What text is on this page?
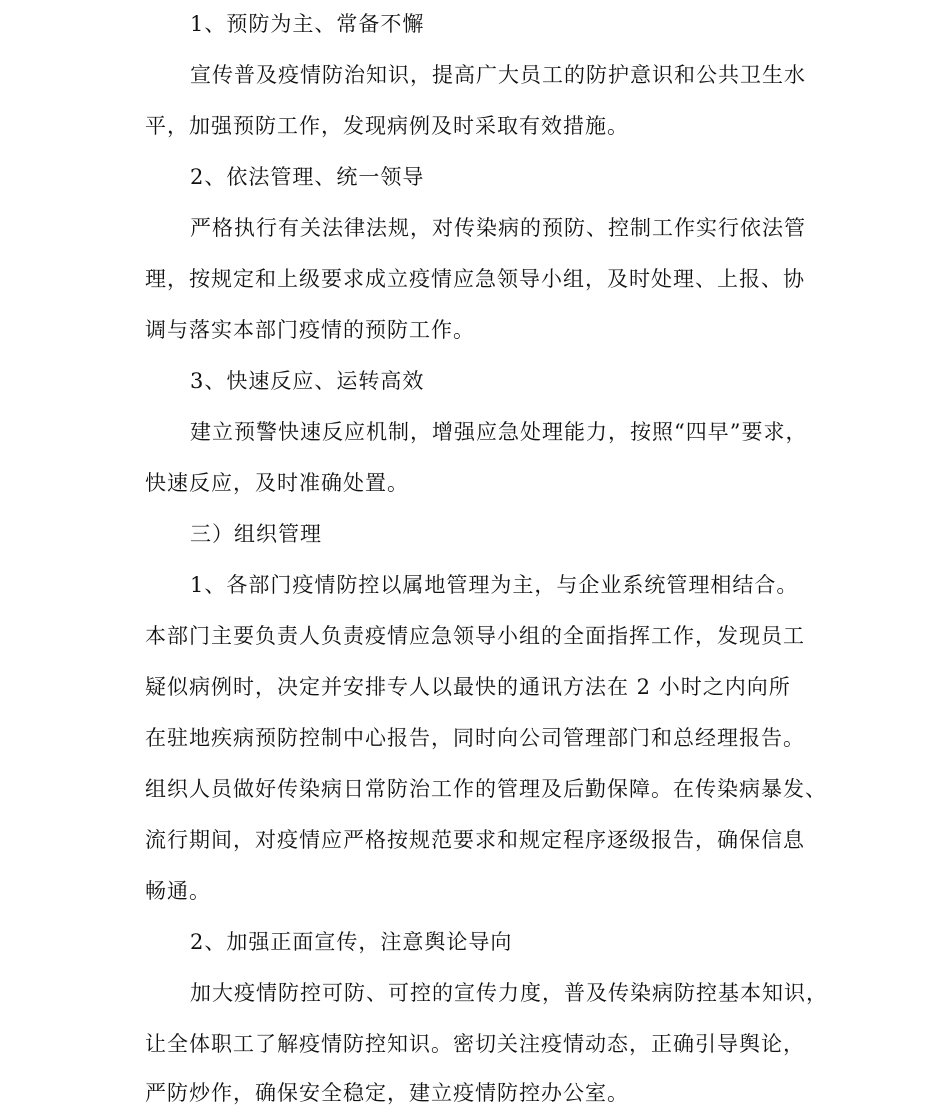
1、预防为主、常备不懈

宣传普及疫情防治知识，提高广大员工的防护意识和公共卫生水

平，加强预防工作，发现病例及时采取有效措施。

2、依法管理、统一领导

严格执行有关法律法规，对传染病的预防、控制工作实行依法管

理，按规定和上级要求成立疫情应急领导小组，及时处理、上报、协

调与落实本部门疫情的预防工作。

3、快速反应、运转高效

建立预警快速反应机制，增强应急处理能力，按照“四早”要求，

快速反应，及时准确处置。

三）组织管理

1、各部门疫情防控以属地管理为主，与企业系统管理相结合。

本部门主要负责人负责疫情应急领导小组的全面指挥工作，发现员工

疑似病例时，决定并安排专人以最快的通讯方法在 2 小时之内向所

在驻地疾病预防控制中心报告，同时向公司管理部门和总经理报告。

组织人员做好传染病日常防治工作的管理及后勤保障。在传染病暴发、

流行期间，对疫情应严格按规范要求和规定程序逐级报告，确保信息

畅通。

2、加强正面宣传，注意舆论导向

加大疫情防控可防、可控的宣传力度，普及传染病防控基本知识，

让全体职工了解疫情防控知识。密切关注疫情动态，正确引导舆论，

严防炒作，确保安全稳定，建立疫情防控办公室。
